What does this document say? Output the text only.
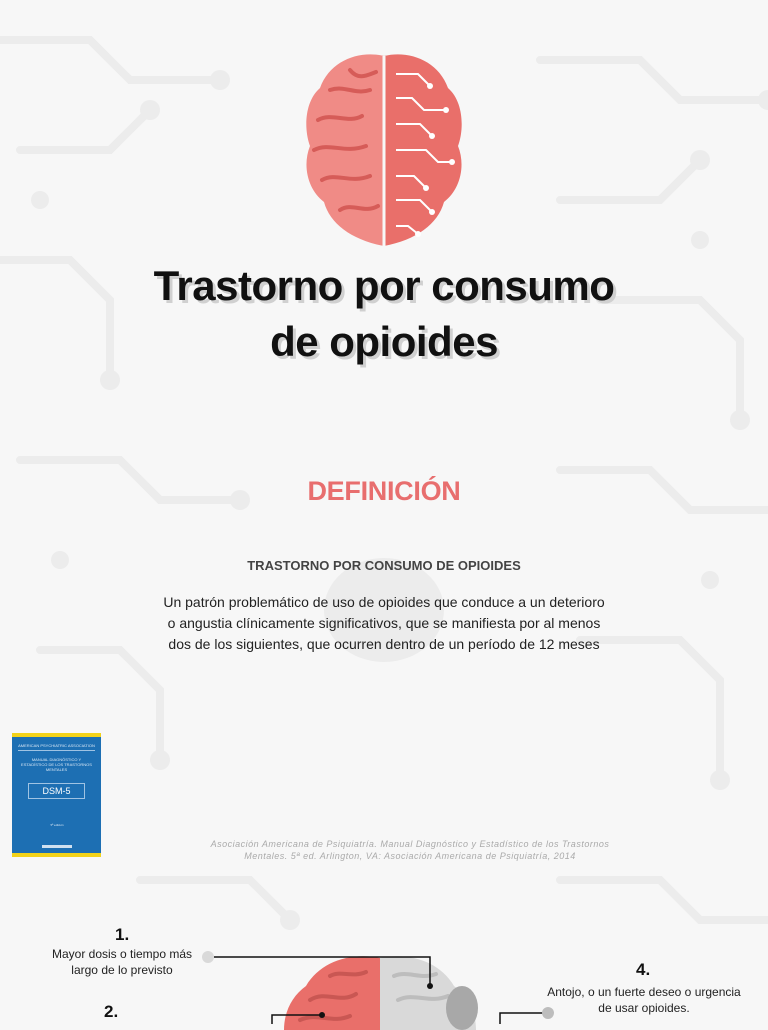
Trastorno por consumo
de opioides
DEFINICIÓN
TRASTORNO POR CONSUMO DE OPIOIDES
Un patrón problemático de uso de opioides que conduce a un deterioro o angustia clínicamente significativos, que se manifiesta por al menos dos de los siguientes, que ocurren dentro de un período de 12 meses
AMERICAN PSYCHIATRIC ASSOCIATION
MANUAL DIAGNÓSTICO Y ESTADÍSTICO DE LOS TRASTORNOS MENTALES
DSM-5
5ª edición
Asociación Americana de Psiquiatría. Manual Diagnóstico y Estadístico de los Trastornos Mentales. 5ª ed. Arlington, VA: Asociación Americana de Psiquiatría, 2014
1.
Mayor dosis o tiempo más largo de lo previsto
2.
4.
Antojo, o un fuerte deseo o urgencia de usar opioides.
